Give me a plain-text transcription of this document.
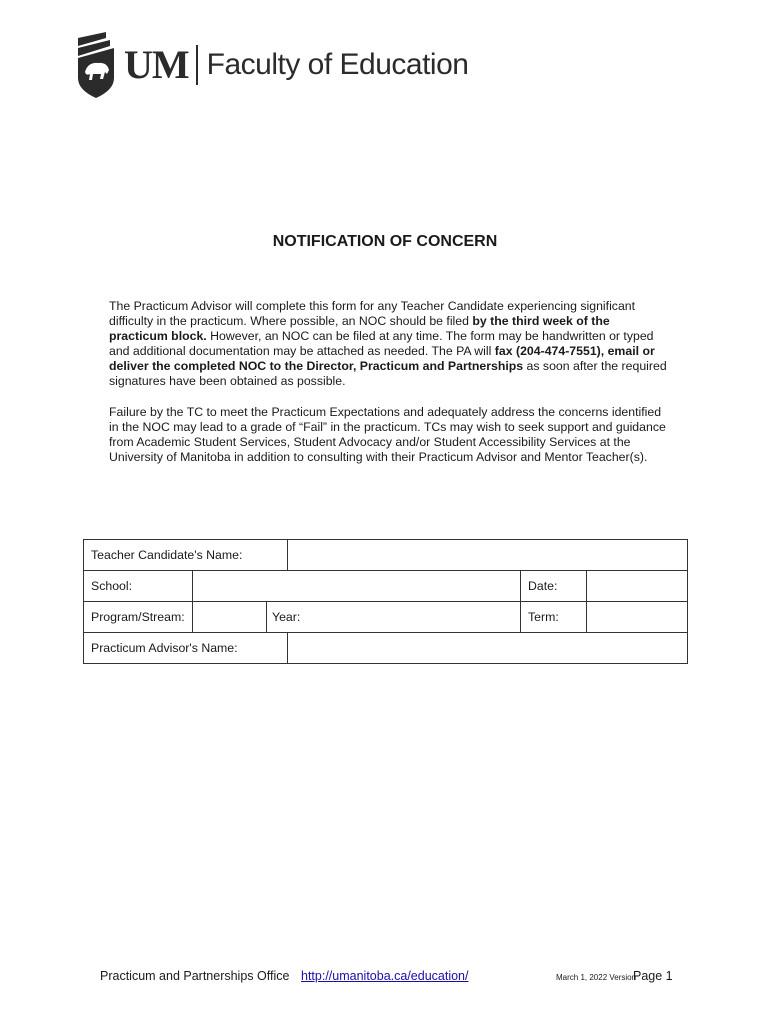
UM Faculty of Education
NOTIFICATION OF CONCERN

The Practicum Advisor will complete this form for any Teacher Candidate experiencing significant difficulty in the practicum. Where possible, an NOC should be filed by the third week of the practicum block. However, an NOC can be filed at any time. The form may be handwritten or typed and additional documentation may be attached as needed. The PA will fax (204-474-7551), email or deliver the completed NOC to the Director, Practicum and Partnerships as soon after the required signatures have been obtained as possible.

Failure by the TC to meet the Practicum Expectations and adequately address the concerns identified in the NOC may lead to a grade of “Fail” in the practicum. TCs may wish to seek support and guidance from Academic Student Services, Student Advocacy and/or Student Accessibility Services at the University of Manitoba in addition to consulting with their Practicum Advisor and Mentor Teacher(s).

Teacher Candidate's Name:					
School:				Date:	
Program/Stream:		Year:		Term:	
Practicum Advisor's Name:					
Practicum and Partnerships Office http://umanitoba.ca/education/	March 1, 2022 Version
Page 1
